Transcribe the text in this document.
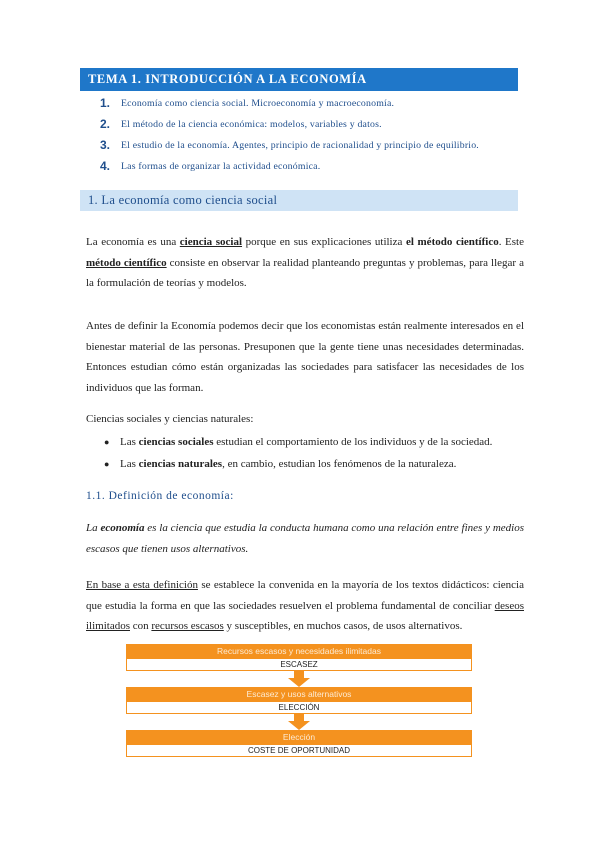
TEMA 1. INTRODUCCIÓN A LA ECONOMÍA
1.	Economía como ciencia social. Microeconomía y macroeconomía.
2.	El método de la ciencia económica: modelos, variables y datos.
3.	El estudio de la economía. Agentes, principio de racionalidad y principio de equilibrio.
4.	Las formas de organizar la actividad económica.
1. La economía como ciencia social

La economía es una ciencia social porque en sus explicaciones utiliza el método científico. Este método científico consiste en observar la realidad planteando preguntas y problemas, para llegar a la formulación de teorías y modelos.

Antes de definir la Economía podemos decir que los economistas están realmente interesados en el bienestar material de las personas. Presuponen que la gente tiene unas necesidades determinadas. Entonces estudian cómo están organizadas las sociedades para satisfacer las necesidades de los individuos que las forman.

Ciencias sociales y ciencias naturales:

● Las ciencias sociales estudian el comportamiento de los individuos y de la sociedad.
● Las ciencias naturales, en cambio, estudian los fenómenos de la naturaleza.
1.1. Definición de economía:

La economía es la ciencia que estudia la conducta humana como una relación entre fines y medios escasos que tienen usos alternativos.

En base a esta definición se establece la convenida en la mayoría de los textos didácticos: ciencia que estudia la forma en que las sociedades resuelven el problema fundamental de conciliar deseos ilimitados con recursos escasos y susceptibles, en muchos casos, de usos alternativos.

Recursos escasos y necesidades ilimitadas
ESCASEZ
Escasez y usos alternativos
ELECCIÓN
Elección
COSTE DE OPORTUNIDAD
